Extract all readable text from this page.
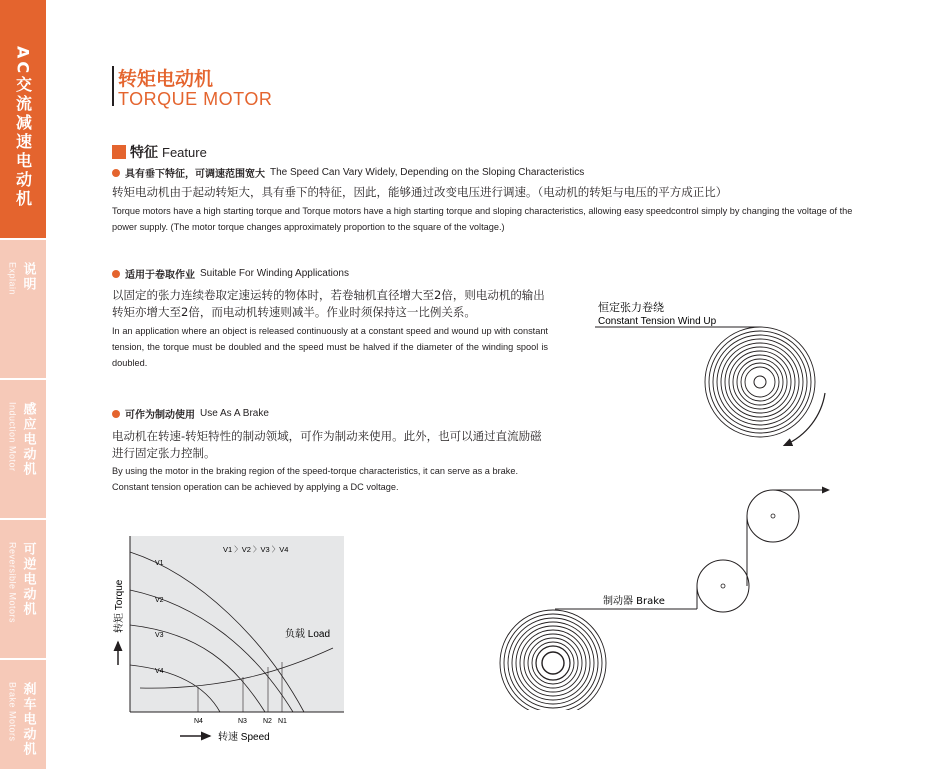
AC交流减速电动机
说明
Explain
感应电动机
Induction Motor
可逆电动机
Reversible Motors
刹车电动机
Brake Motors
转矩电动机
TORQUE MOTOR
特征 Feature
具有垂下特征，可调速范围宽大 The Speed Can Vary Widely, Depending on the Sloping Characteristics
转矩电动机由于起动转矩大，具有垂下的特征，因此，能够通过改变电压进行调速。（电动机的转矩与电压的平方成正比）
Torque motors have a high starting torque and Torque motors have a high starting torque and sloping characteristics, allowing easy speedcontrol simply by changing the voltage of the power supply. (The motor torque changes approximately proportion to the square of the voltage.)
适用于卷取作业 Suitable For Winding Applications
以固定的张力连续卷取定速运转的物体时，若卷轴机直径增大至2倍，则电动机的输出转矩亦增大至2倍，而电动机转速则减半。作业时须保持这一比例关系。
In an application where an object is released continuously at a constant speed and wound up with constant tension, the torque must be doubled and the speed must be halved if the diameter of the winding spool is doubled.
可作为制动使用 Use As A Brake
电动机在转速-转矩特性的制动领域，可作为制动来使用。此外，也可以通过直流励磁进行固定张力控制。
By using the motor in the braking region of the speed-torque characteristics, it can serve as a brake. Constant tension operation can be achieved by applying a DC voltage.
V1 〉V2 〉V3 〉V4
V1
V2
V3
V4
负载 Load
N4	N3 N2 N1
转矩 Torque
转速 Speed
恒定张力卷绕
Constant Tension Wind Up
制动器 Brake
